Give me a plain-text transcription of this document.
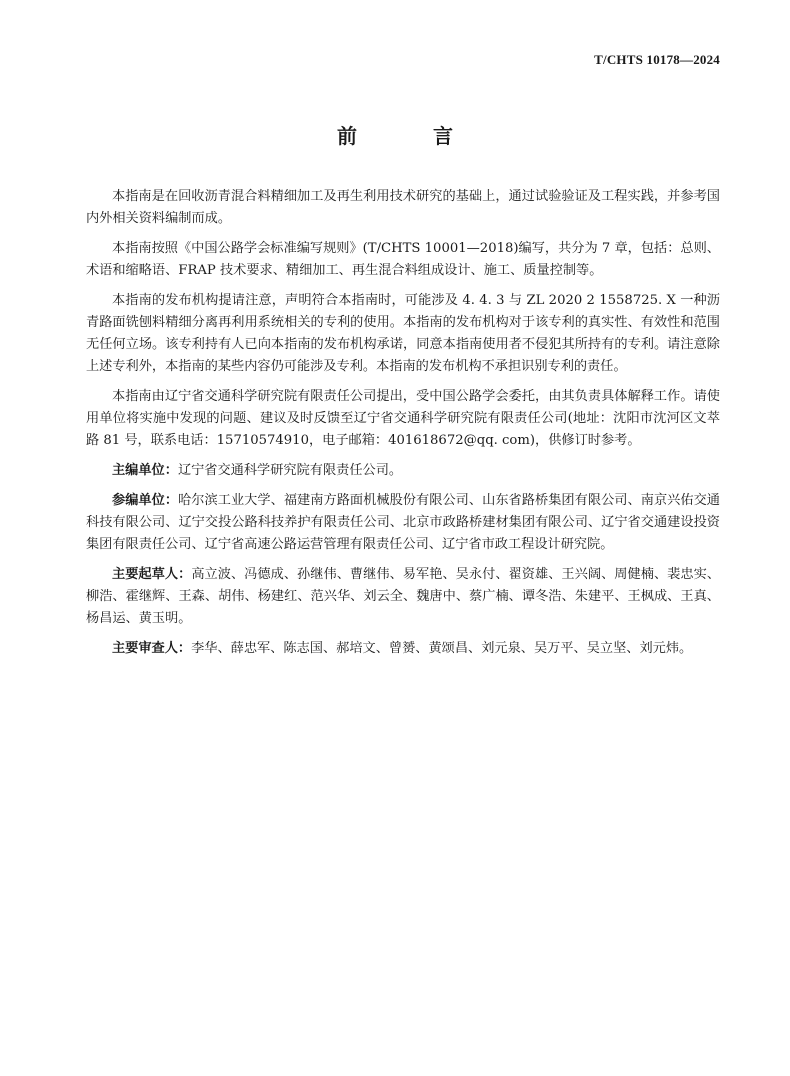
T/CHTS 10178—2024
前　言

本指南是在回收沥青混合料精细加工及再生利用技术研究的基础上，通过试验验证及工程实践，并参考国内外相关资料编制而成。

本指南按照《中国公路学会标准编写规则》(T/CHTS 10001—2018)编写，共分为 7 章，包括：总则、术语和缩略语、FRAP 技术要求、精细加工、再生混合料组成设计、施工、质量控制等。

本指南的发布机构提请注意，声明符合本指南时，可能涉及 4. 4. 3 与 ZL 2020 2 1558725. X 一种沥青路面铣刨料精细分离再利用系统相关的专利的使用。本指南的发布机构对于该专利的真实性、有效性和范围无任何立场。该专利持有人已向本指南的发布机构承诺，同意本指南使用者不侵犯其所持有的专利。请注意除上述专利外，本指南的某些内容仍可能涉及专利。本指南的发布机构不承担识别专利的责任。

本指南由辽宁省交通科学研究院有限责任公司提出，受中国公路学会委托，由其负责具体解释工作。请使用单位将实施中发现的问题、建议及时反馈至辽宁省交通科学研究院有限责任公司(地址：沈阳市沈河区文萃路 81 号，联系电话：15710574910，电子邮箱：401618672@qq. com)，供修订时参考。

主编单位：辽宁省交通科学研究院有限责任公司。

参编单位：哈尔滨工业大学、福建南方路面机械股份有限公司、山东省路桥集团有限公司、南京兴佑交通科技有限公司、辽宁交投公路科技养护有限责任公司、北京市政路桥建材集团有限公司、辽宁省交通建设投资集团有限责任公司、辽宁省高速公路运营管理有限责任公司、辽宁省市政工程设计研究院。

主要起草人：高立波、冯德成、孙继伟、曹继伟、易军艳、吴永付、翟资雄、王兴阔、周健楠、裴忠实、柳浩、霍继辉、王森、胡伟、杨建红、范兴华、刘云全、魏唐中、蔡广楠、谭冬浩、朱建平、王枫成、王真、杨昌运、黄玉明。

主要审查人：李华、薛忠军、陈志国、郝培文、曾赟、黄颂昌、刘元泉、吴万平、吴立坚、刘元炜。
